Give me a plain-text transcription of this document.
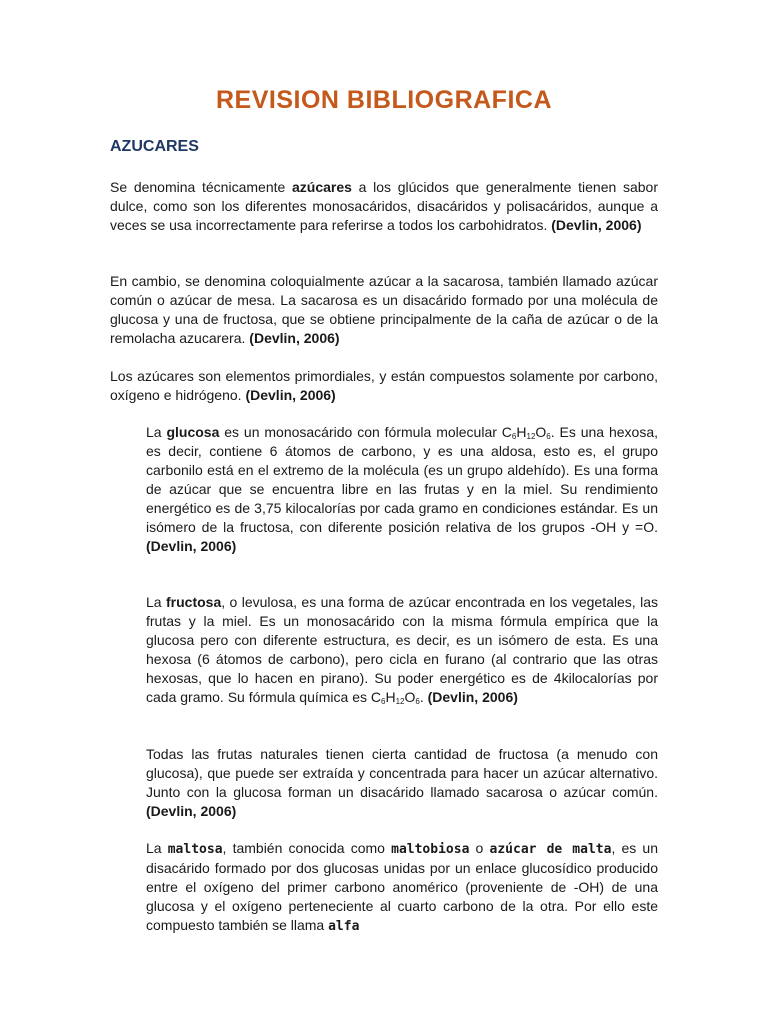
REVISION BIBLIOGRAFICA
AZUCARES

Se denominа técnicamente azúcares a los glúcidos que generalmente tienen sabor dulce, como son los diferentes monosacáridos, disacáridos y polisacáridos, aunque a veces se usa incorrectamente para referirse a todos los carbohidratos. (Devlin, 2006)

En cambio, se denomina coloquialmente azúcar a la sacarosa, también llamado azúcar común o azúcar de mesa. La sacarosa es un disacárido formado por una molécula de glucosa y una de fructosa, que se obtiene principalmente de la caña de azúcar o de la remolacha azucarera. (Devlin, 2006)

Los azúcares son elementos primordiales, y están compuestos solamente por carbono, oxígeno e hidrógeno. (Devlin, 2006)

La glucosa es un monosacárido con fórmula molecular $C_6H_{12}O_6$. Es una hexosa, es decir, contiene 6 átomos de carbono, y es una aldosa, esto es, el grupo carbonilo está en el extremo de la molécula (es un grupo aldehído). Es una forma de azúcar que se encuentra libre en las frutas y en la miel. Su rendimiento energético es de 3,75 kilocalorías por cada gramo en condiciones estándar. Es un isómero de la fructosa, con diferente posición relativa de los grupos -OH y =O. (Devlin, 2006)

La fructosa, o levulosa, es una forma de azúcar encontrada en los vegetales, las frutas y la miel. Es un monosacárido con la misma fórmula empírica que la glucosa pero con diferente estructura, es decir, es un isómero de esta. Es una hexosa (6 átomos de carbono), pero cicla en furano (al contrario que las otras hexosas, que lo hacen en pirano). Su poder energético es de 4kilocalorías por cada gramo. Su fórmula química es $C_6H_{12}O_6$. (Devlin, 2006)

Todas las frutas naturales tienen cierta cantidad de fructosa (a menudo con glucosa), que puede ser extraída y concentrada para hacer un azúcar alternativo. Junto con la glucosa forman un disacárido llamado sacarosa o azúcar común. (Devlin, 2006)

La maltosa, también conocida como maltobiosa o azúcar de malta, es un disacárido formado por dos glucosas unidas por un enlace glucosídico producido entre el oxígeno del primer carbono anomérico (proveniente de -OH) de una glucosa y el oxígeno perteneciente al cuarto carbono de la otra. Por ello este compuesto también se llama alfa
